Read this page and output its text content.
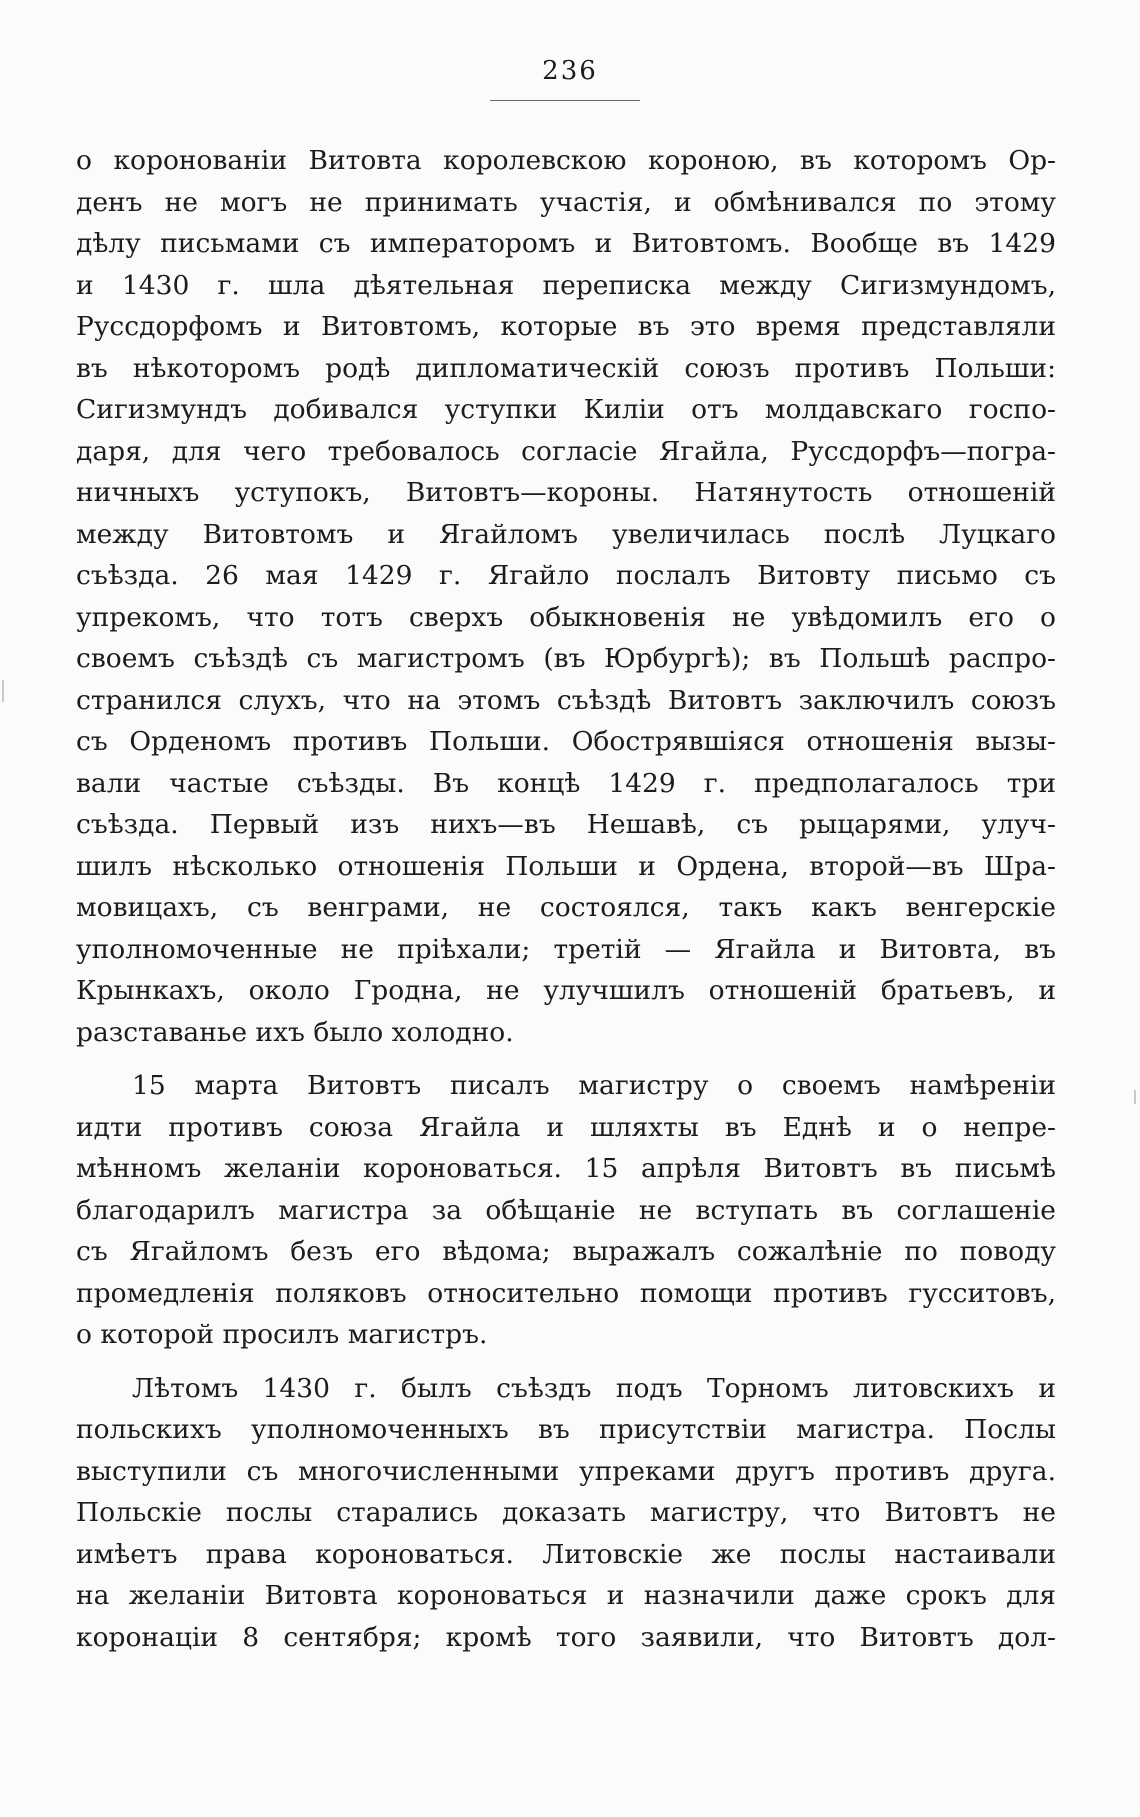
236
о коронованіи Витовта королевскою короною, въ которомъ Ор-
денъ не могъ не принимать участія, и обмѣнивался по этому
дѣлу письмами съ императоромъ и Витовтомъ. Вообще въ 1429
и 1430 г. шла дѣятельная переписка между Сигизмундомъ,
Руссдорфомъ и Витовтомъ, которые въ это время представляли
въ нѣкоторомъ родѣ дипломатическій союзъ противъ Польши:
Сигизмундъ добивался уступки Килiи отъ молдавскаго госпо-
даря, для чего требовалось согласіе Ягайла, Руссдорфъ—погра-
ничныхъ уступокъ, Витовтъ—короны. Натянутость отношеній
между Витовтомъ и Ягайломъ увеличилась послѣ Луцкаго
съѣзда. 26 мая 1429 г. Ягайло послалъ Витовту письмо съ
упрекомъ, что тотъ сверхъ обыкновенія не увѣдомилъ его о
своемъ съѣздѣ съ магистромъ (въ Юрбургѣ); въ Польшѣ распро-
странился слухъ, что на этомъ съѣздѣ Витовтъ заключилъ союзъ
съ Орденомъ противъ Польши. Обострявшіяся отношенія вызы-
вали частые съѣзды. Въ концѣ 1429 г. предполагалось три
съѣзда. Первый изъ нихъ—въ Нешавѣ, съ рыцарями, улуч-
шилъ нѣсколько отношенія Польши и Ордена, второй—въ Шра-
мовицахъ, съ венграми, не состоялся, такъ какъ венгерскіе
уполномоченные не пріѣхали; третій — Ягайла и Витовта, въ
Крынкахъ, около Гродна, не улучшилъ отношеній братьевъ, и
разставанье ихъ было холодно.
15 марта Витовтъ писалъ магистру о своемъ намѣреніи
идти противъ союза Ягайла и шляхты въ Еднѣ и о непре-
мѣнномъ желаніи короноваться. 15 апрѣля Витовтъ въ письмѣ
благодарилъ магистра за обѣщаніе не вступать въ соглашеніе
съ Ягайломъ безъ его вѣдома; выражалъ сожалѣніе по поводу
промедленія поляковъ относительно помощи противъ гусситовъ,
о которой просилъ магистръ.
Лѣтомъ 1430 г. былъ съѣздъ подъ Торномъ литовскихъ и
польскихъ уполномоченныхъ въ присутствіи магистра. Послы
выступили съ многочисленными упреками другъ противъ друга.
Польскіе послы старались доказать магистру, что Витовтъ не
имѣетъ права короноваться. Литовскіе же послы настаивали
на желаніи Витовта короноваться и назначили даже срокъ для
коронаціи 8 сентября; кромѣ того заявили, что Витовтъ дол-
